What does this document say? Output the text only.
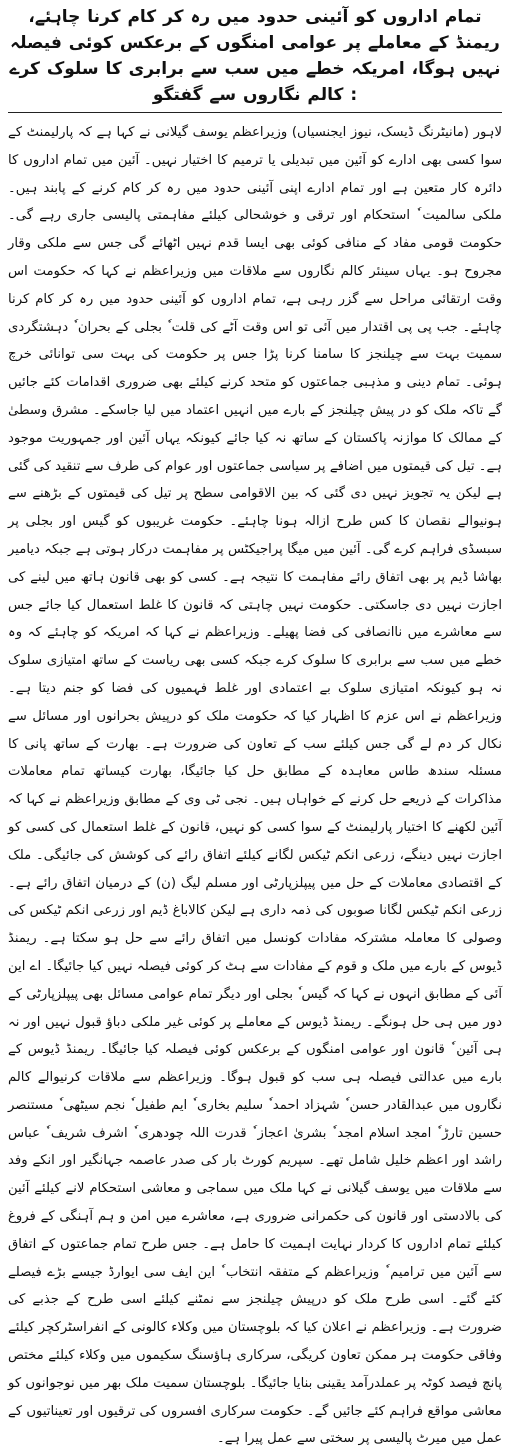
تمام اداروں کو آئینی حدود میں رہ کر کام کرنا چاہئے، ریمنڈ کے معاملے پر عوامی امنگوں کے برعکس کوئی فیصلہ نہیں ہوگا، امریکہ خطے میں سب سے برابری کا سلوک کرے : کالم نگاروں سے گفتگو

لاہور (مانیٹرنگ ڈیسک، نیوز ایجنسیاں) وزیراعظم یوسف گیلانی نے کہا ہے کہ پارلیمنٹ کے سوا کسی بھی ادارے کو آئین میں تبدیلی یا ترمیم کا اختیار نہیں۔ آئین میں تمام اداروں کا دائرہ کار متعین ہے اور تمام ادارے اپنی آئینی حدود میں رہ کر کام کرنے کے پابند ہیں۔ ملکی سالمیت ٗ استحکام اور ترقی و خوشحالی کیلئے مفاہمتی پالیسی جاری رہے گی۔ حکومت قومی مفاد کے منافی کوئی بھی ایسا قدم نہیں اٹھائے گی جس سے ملکی وقار مجروح ہو۔ یہاں سینئر کالم نگاروں سے ملاقات میں وزیراعظم نے کہا کہ حکومت اس وقت ارتقائی مراحل سے گزر رہی ہے، تمام اداروں کو آئینی حدود میں رہ کر کام کرنا چاہئے۔ جب پی پی اقتدار میں آئی تو اس وقت آٹے کی قلت ٗ بجلی کے بحران ٗ دہشتگردی سمیت بہت سے چیلنجز کا سامنا کرنا پڑا جس پر حکومت کی بہت سی توانائی خرچ ہوئی۔ تمام دینی و مذہبی جماعتوں کو متحد کرنے کیلئے بھی ضروری اقدامات کئے جائیں گے تاکہ ملک کو در پیش چیلنجز کے بارے میں انہیں اعتماد میں لیا جاسکے۔ مشرق وسطیٰ کے ممالک کا موازنہ پاکستان کے ساتھ نہ کیا جائے کیونکہ یہاں آئین اور جمہوریت موجود ہے۔ تیل کی قیمتوں میں اضافے پر سیاسی جماعتوں اور عوام کی طرف سے تنقید کی گئی ہے لیکن یہ تجویز نہیں دی گئی کہ بین الاقوامی سطح پر تیل کی قیمتوں کے بڑھنے سے ہونیوالے نقصان کا کس طرح ازالہ ہونا چاہئے۔ حکومت غریبوں کو گیس اور بجلی پر سبسڈی فراہم کرے گی۔ آئین میں میگا پراجیکٹس پر مفاہمت درکار ہوتی ہے جبکہ دیامیر بھاشا ڈیم پر بھی اتفاق رائے مفاہمت کا نتیجہ ہے۔ کسی کو بھی قانون ہاتھ میں لینے کی اجازت نہیں دی جاسکتی۔ حکومت نہیں چاہتی کہ قانون کا غلط استعمال کیا جائے جس سے معاشرے میں ناانصافی کی فضا پھیلے۔ وزیراعظم نے کہا کہ امریکہ کو چاہئے کہ وہ خطے میں سب سے برابری کا سلوک کرے جبکہ کسی بھی ریاست کے ساتھ امتیازی سلوک نہ ہو کیونکہ امتیازی سلوک بے اعتمادی اور غلط فہمیوں کی فضا کو جنم دیتا ہے۔ وزیراعظم نے اس عزم کا اظہار کیا کہ حکومت ملک کو درپیش بحرانوں اور مسائل سے نکال کر دم لے گی جس کیلئے سب کے تعاون کی ضرورت ہے۔ بھارت کے ساتھ پانی کا مسئلہ سندھ طاس معاہدہ کے مطابق حل کیا جائیگا، بھارت کیساتھ تمام معاملات مذاکرات کے ذریعے حل کرنے کے خواہاں ہیں۔ نجی ٹی وی کے مطابق وزیراعظم نے کہا کہ آئین لکھنے کا اختیار پارلیمنٹ کے سوا کسی کو نہیں، قانون کے غلط استعمال کی کسی کو اجازت نہیں دینگے، زرعی انکم ٹیکس لگانے کیلئے اتفاق رائے کی کوشش کی جائیگی۔ ملک کے اقتصادی معاملات کے حل میں پیپلزپارٹی اور مسلم لیگ (ن) کے درمیان اتفاق رائے ہے۔ زرعی انکم ٹیکس لگانا صوبوں کی ذمہ داری ہے لیکن کالاباغ ڈیم اور زرعی انکم ٹیکس کی وصولی کا معاملہ مشترکہ مفادات کونسل میں اتفاق رائے سے حل ہو سکتا ہے۔ ریمنڈ ڈیوس کے بارے میں ملک و قوم کے مفادات سے ہٹ کر کوئی فیصلہ نہیں کیا جائیگا۔ اے این آئی کے مطابق انہوں نے کہا کہ گیس ٗ بجلی اور دیگر تمام عوامی مسائل بھی پیپلزپارٹی کے دور میں ہی حل ہونگے۔ ریمنڈ ڈیوس کے معاملے پر کوئی غیر ملکی دباؤ قبول نہیں اور نہ ہی آئین ٗ قانون اور عوامی امنگوں کے برعکس کوئی فیصلہ کیا جائیگا۔ ریمنڈ ڈیوس کے بارے میں عدالتی فیصلہ ہی سب کو قبول ہوگا۔ وزیراعظم سے ملاقات کرنیوالے کالم نگاروں میں عبدالقادر حسن ٗ شہزاد احمد ٗ سلیم بخاری ٗ ایم طفیل ٗ نجم سیٹھی ٗ مستنصر حسین تارڑ ٗ امجد اسلام امجد ٗ بشریٰ اعجاز ٗ قدرت اللہ چودھری ٗ اشرف شریف ٗ عباس راشد اور اعظم خلیل شامل تھے۔ سپریم کورٹ بار کی صدر عاصمہ جہانگیر اور انکے وفد سے ملاقات میں یوسف گیلانی نے کہا ملک میں سماجی و معاشی استحکام لانے کیلئے آئین کی بالادستی اور قانون کی حکمرانی ضروری ہے، معاشرے میں امن و ہم آہنگی کے فروغ کیلئے تمام اداروں کا کردار نہایت اہمیت کا حامل ہے۔ جس طرح تمام جماعتوں کے اتفاق سے آئین میں ترامیم ٗ وزیراعظم کے متفقہ انتخاب ٗ این ایف سی ایوارڈ جیسے بڑے فیصلے کئے گئے۔ اسی طرح ملک کو درپیش چیلنجز سے نمٹنے کیلئے اسی طرح کے جذبے کی ضرورت ہے۔ وزیراعظم نے اعلان کیا کہ بلوچستان میں وکلاء کالونی کے انفراسٹرکچر کیلئے وفاقی حکومت ہر ممکن تعاون کریگی، سرکاری ہاؤسنگ سکیموں میں وکلاء کیلئے مختص پانچ فیصد کوٹہ پر عملدرآمد یقینی بنایا جائیگا۔ بلوچستان سمیت ملک بھر میں نوجوانوں کو معاشی مواقع فراہم کئے جائیں گے۔ حکومت سرکاری افسروں کی ترقیوں اور تعیناتیوں کے عمل میں میرٹ پالیسی پر سختی سے عمل پیرا ہے۔
